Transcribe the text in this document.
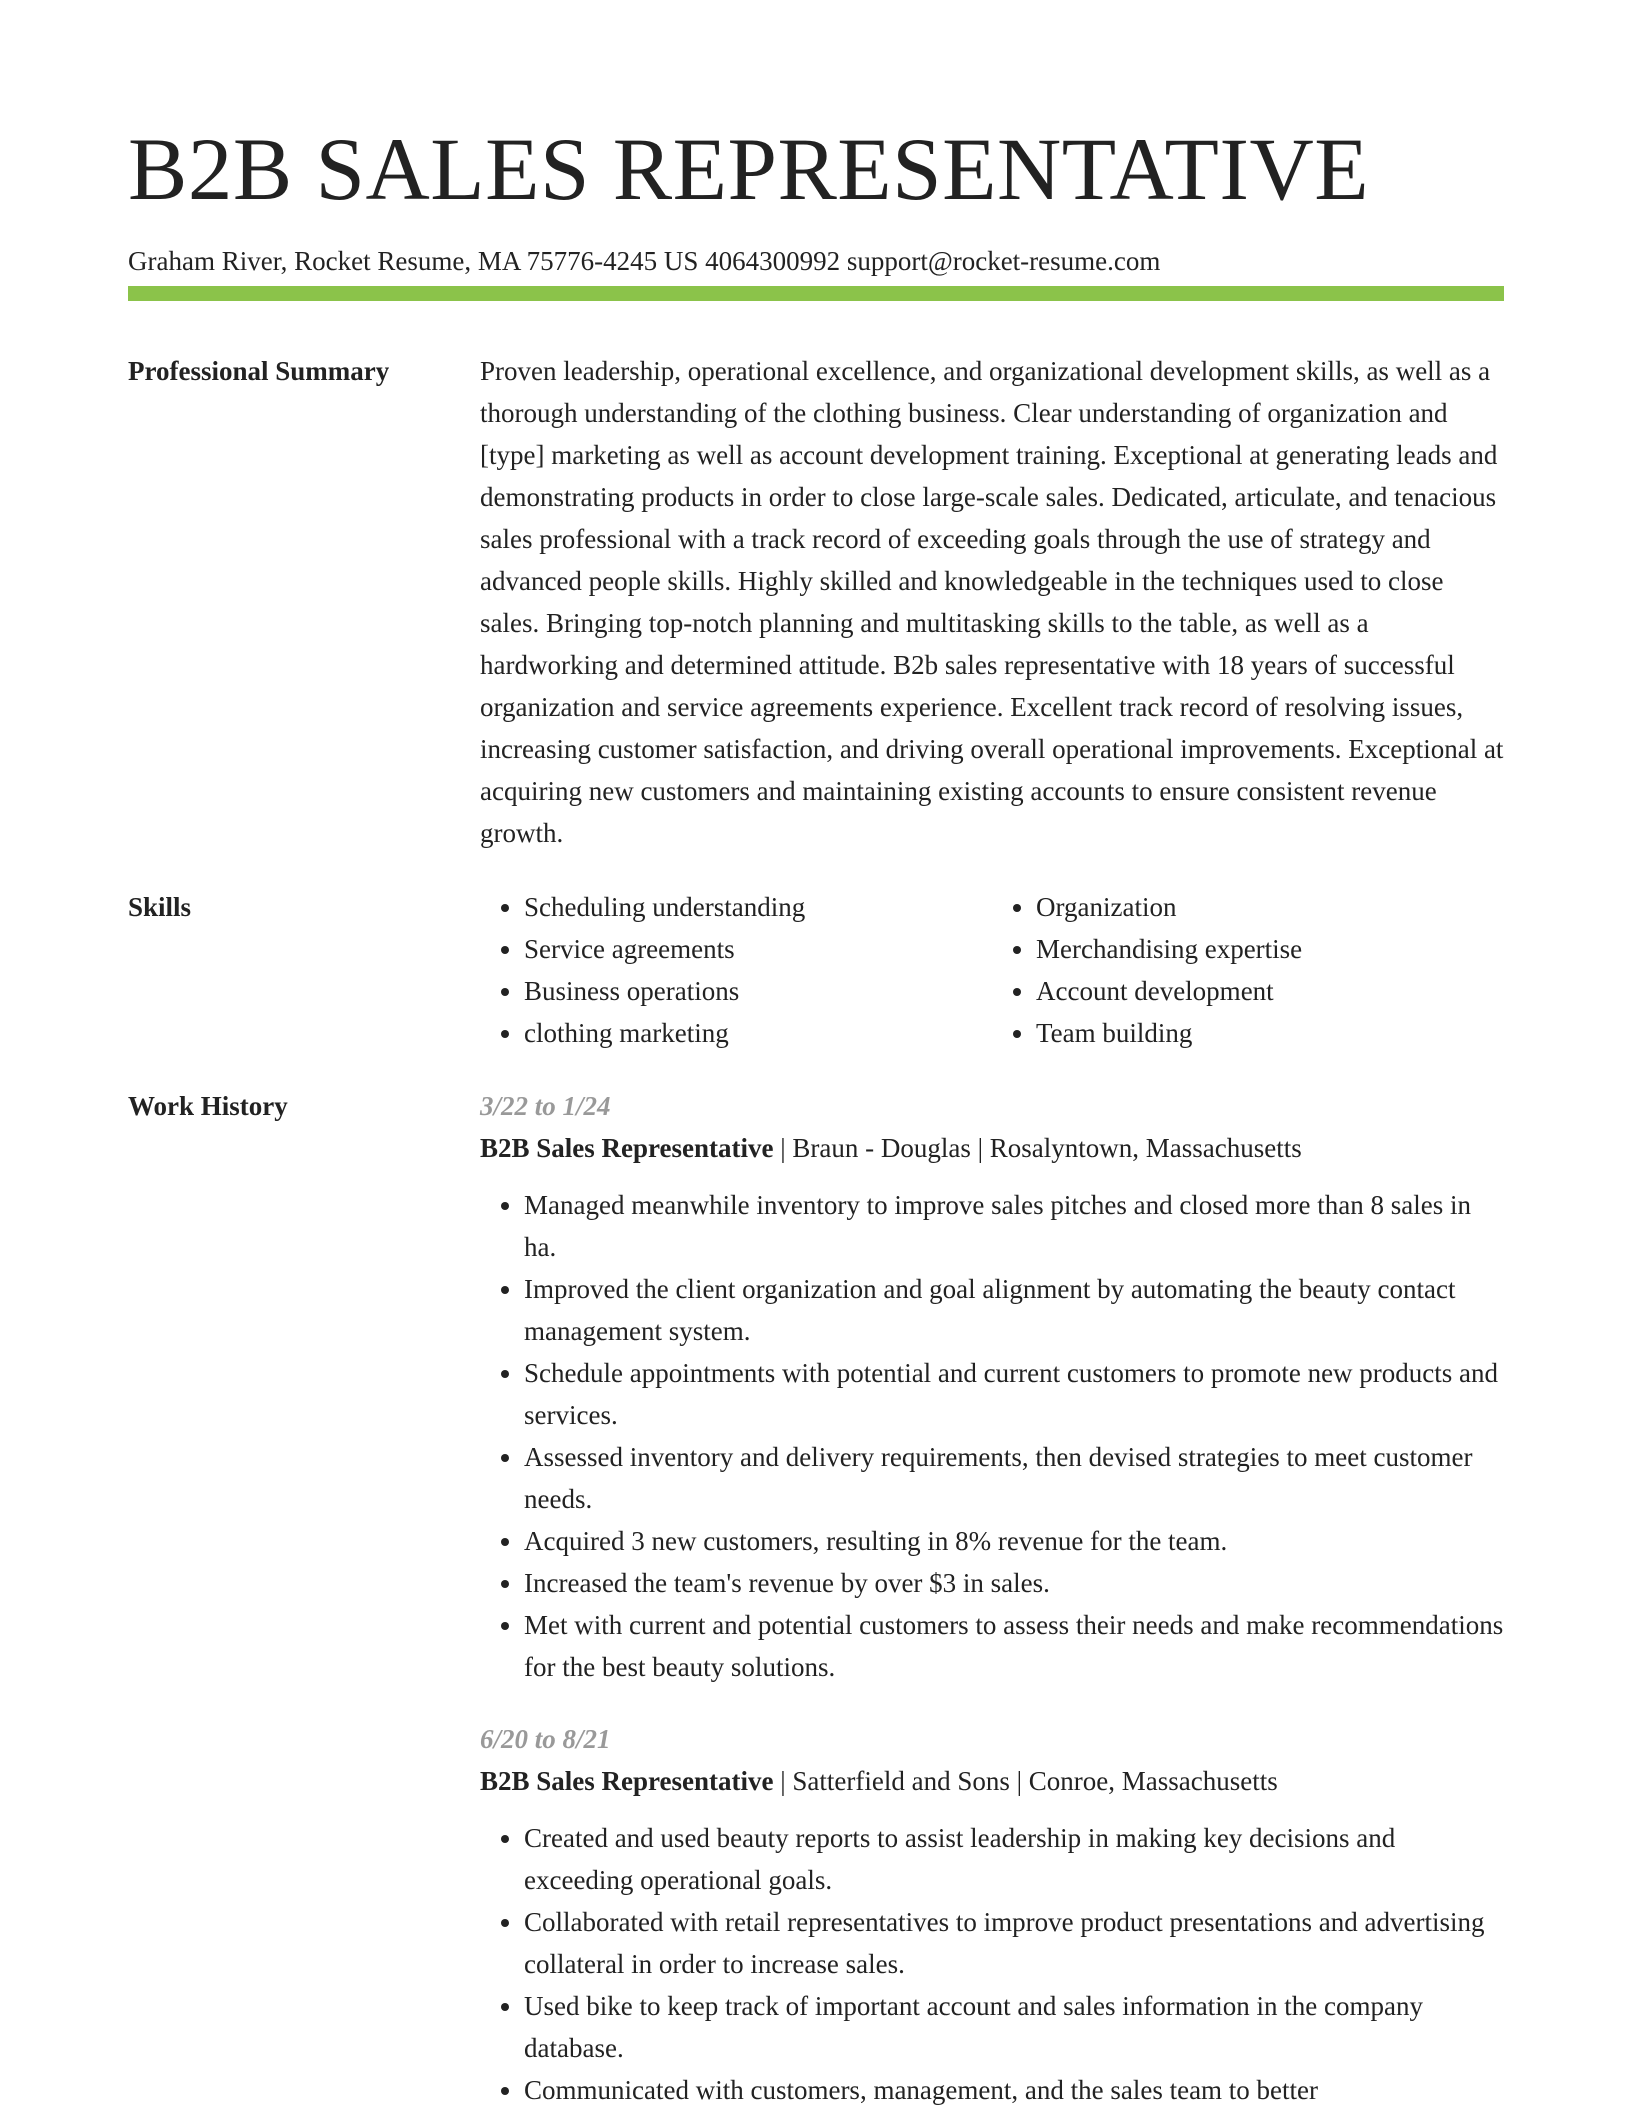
B2B SALES REPRESENTATIVE
Graham River, Rocket Resume, MA 75776-4245 US 4064300992 support@rocket-resume.com
Professional Summary	Proven leadership, operational excellence, and organizational development skills, as well as a thorough understanding of the clothing business. Clear understanding of organization and [type] marketing as well as account development training. Exceptional at generating leads and demonstrating products in order to close large-scale sales. Dedicated, articulate, and tenacious sales professional with a track record of exceeding goals through the use of strategy and advanced people skills. Highly skilled and knowledgeable in the techniques used to close sales. Bringing top-notch planning and multitasking skills to the table, as well as a hardworking and determined attitude. B2b sales representative with 18 years of successful organization and service agreements experience. Excellent track record of resolving issues, increasing customer satisfaction, and driving overall operational improvements. Exceptional at acquiring new customers and maintaining existing accounts to ensure consistent revenue growth.

Skills
•	Scheduling understanding
• Service agreements
• Business operations
• clothing marketing
• Organization
• Merchandising expertise
• Account development
• Team building
Work History	3/22 to 1/24
B2B Sales Representative | Braun - Douglas | Rosalyntown, Massachusetts
• Managed meanwhile inventory to improve sales pitches and closed more than 8 sales in ha.
• Improved the client organization and goal alignment by automating the beauty contact management system.
• Schedule appointments with potential and current customers to promote new products and services.
• Assessed inventory and delivery requirements, then devised strategies to meet customer needs.
• Acquired 3 new customers, resulting in 8% revenue for the team.
• Increased the team's revenue by over $3 in sales.
• Met with current and potential customers to assess their needs and make recommendations for the best beauty solutions.
6/20 to 8/21
B2B Sales Representative | Satterfield and Sons | Conroe, Massachusetts
• Created and used beauty reports to assist leadership in making key decisions and exceeding operational goals.
• Collaborated with retail representatives to improve product presentations and advertising collateral in order to increase sales.
• Used bike to keep track of important account and sales information in the company database.
• Communicated with customers, management, and the sales team to better
